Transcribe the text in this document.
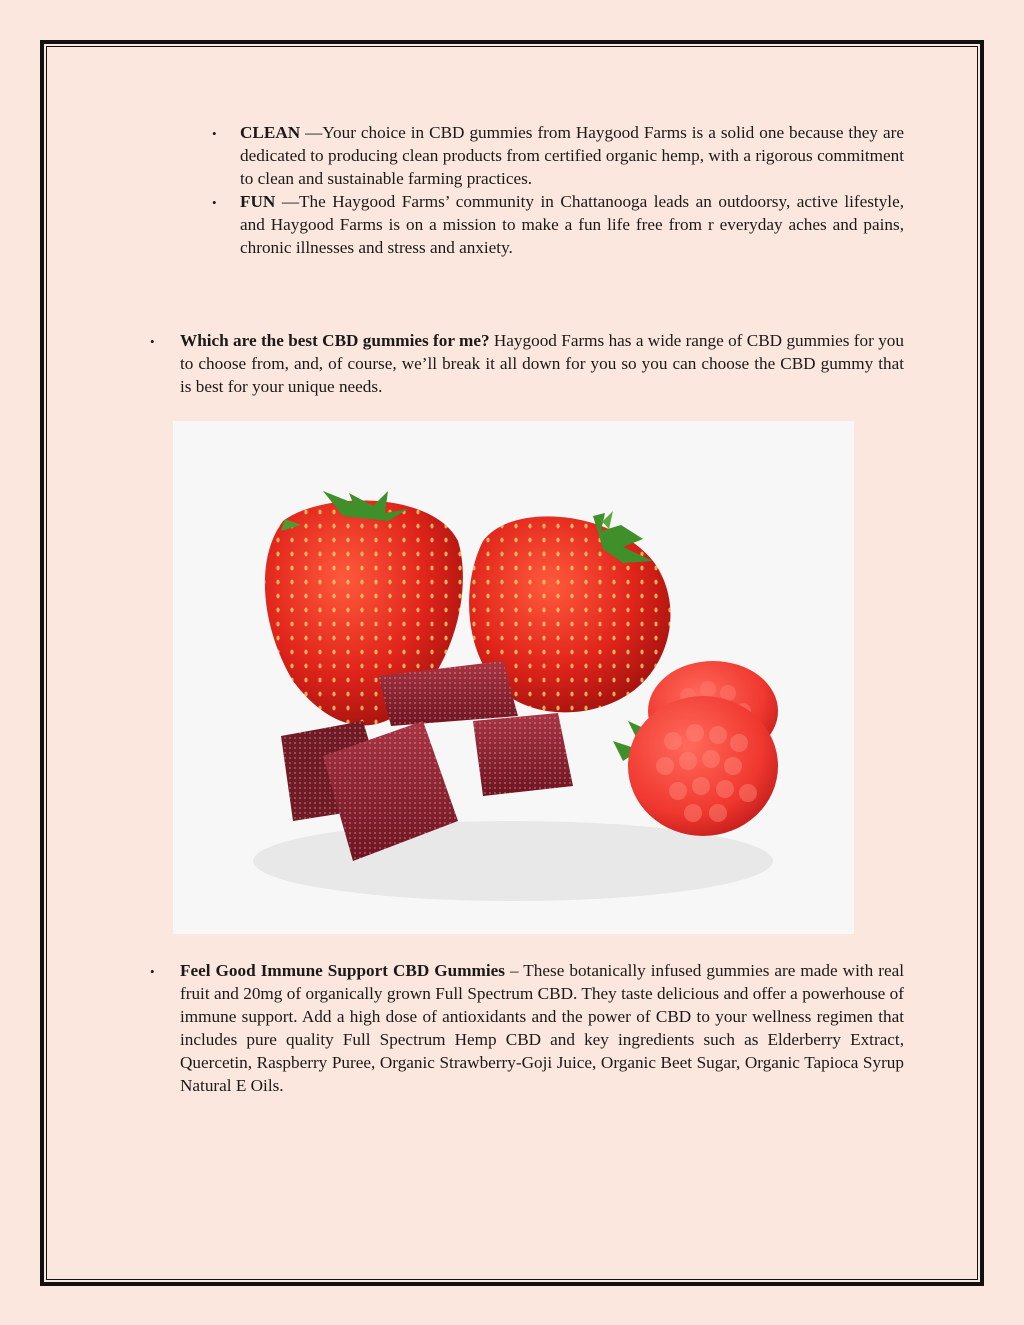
• CLEAN —Your choice in CBD gummies from Haygood Farms is a solid one because they are dedicated to producing clean products from certified organic hemp, with a rigorous commitment to clean and sustainable farming practices.
• FUN —The Haygood Farms’ community in Chattanooga leads an outdoorsy, active lifestyle, and Haygood Farms is on a mission to make a fun life free from r everyday aches and pains, chronic illnesses and stress and anxiety.
• Which are the best CBD gummies for me? Haygood Farms has a wide range of CBD gummies for you to choose from, and, of course, we’ll break it all down for you so you can choose the CBD gummy that is best for your unique needs.
• Feel Good Immune Support CBD Gummies – These botanically infused gummies are made with real fruit and 20mg of organically grown Full Spectrum CBD. They taste delicious and offer a powerhouse of immune support. Add a high dose of antioxidants and the power of CBD to your wellness regimen that includes pure quality Full Spectrum Hemp CBD and key ingredients such as Elderberry Extract, Quercetin, Raspberry Puree, Organic Strawberry-Goji Juice, Organic Beet Sugar, Organic Tapioca Syrup Natural E Oils.
